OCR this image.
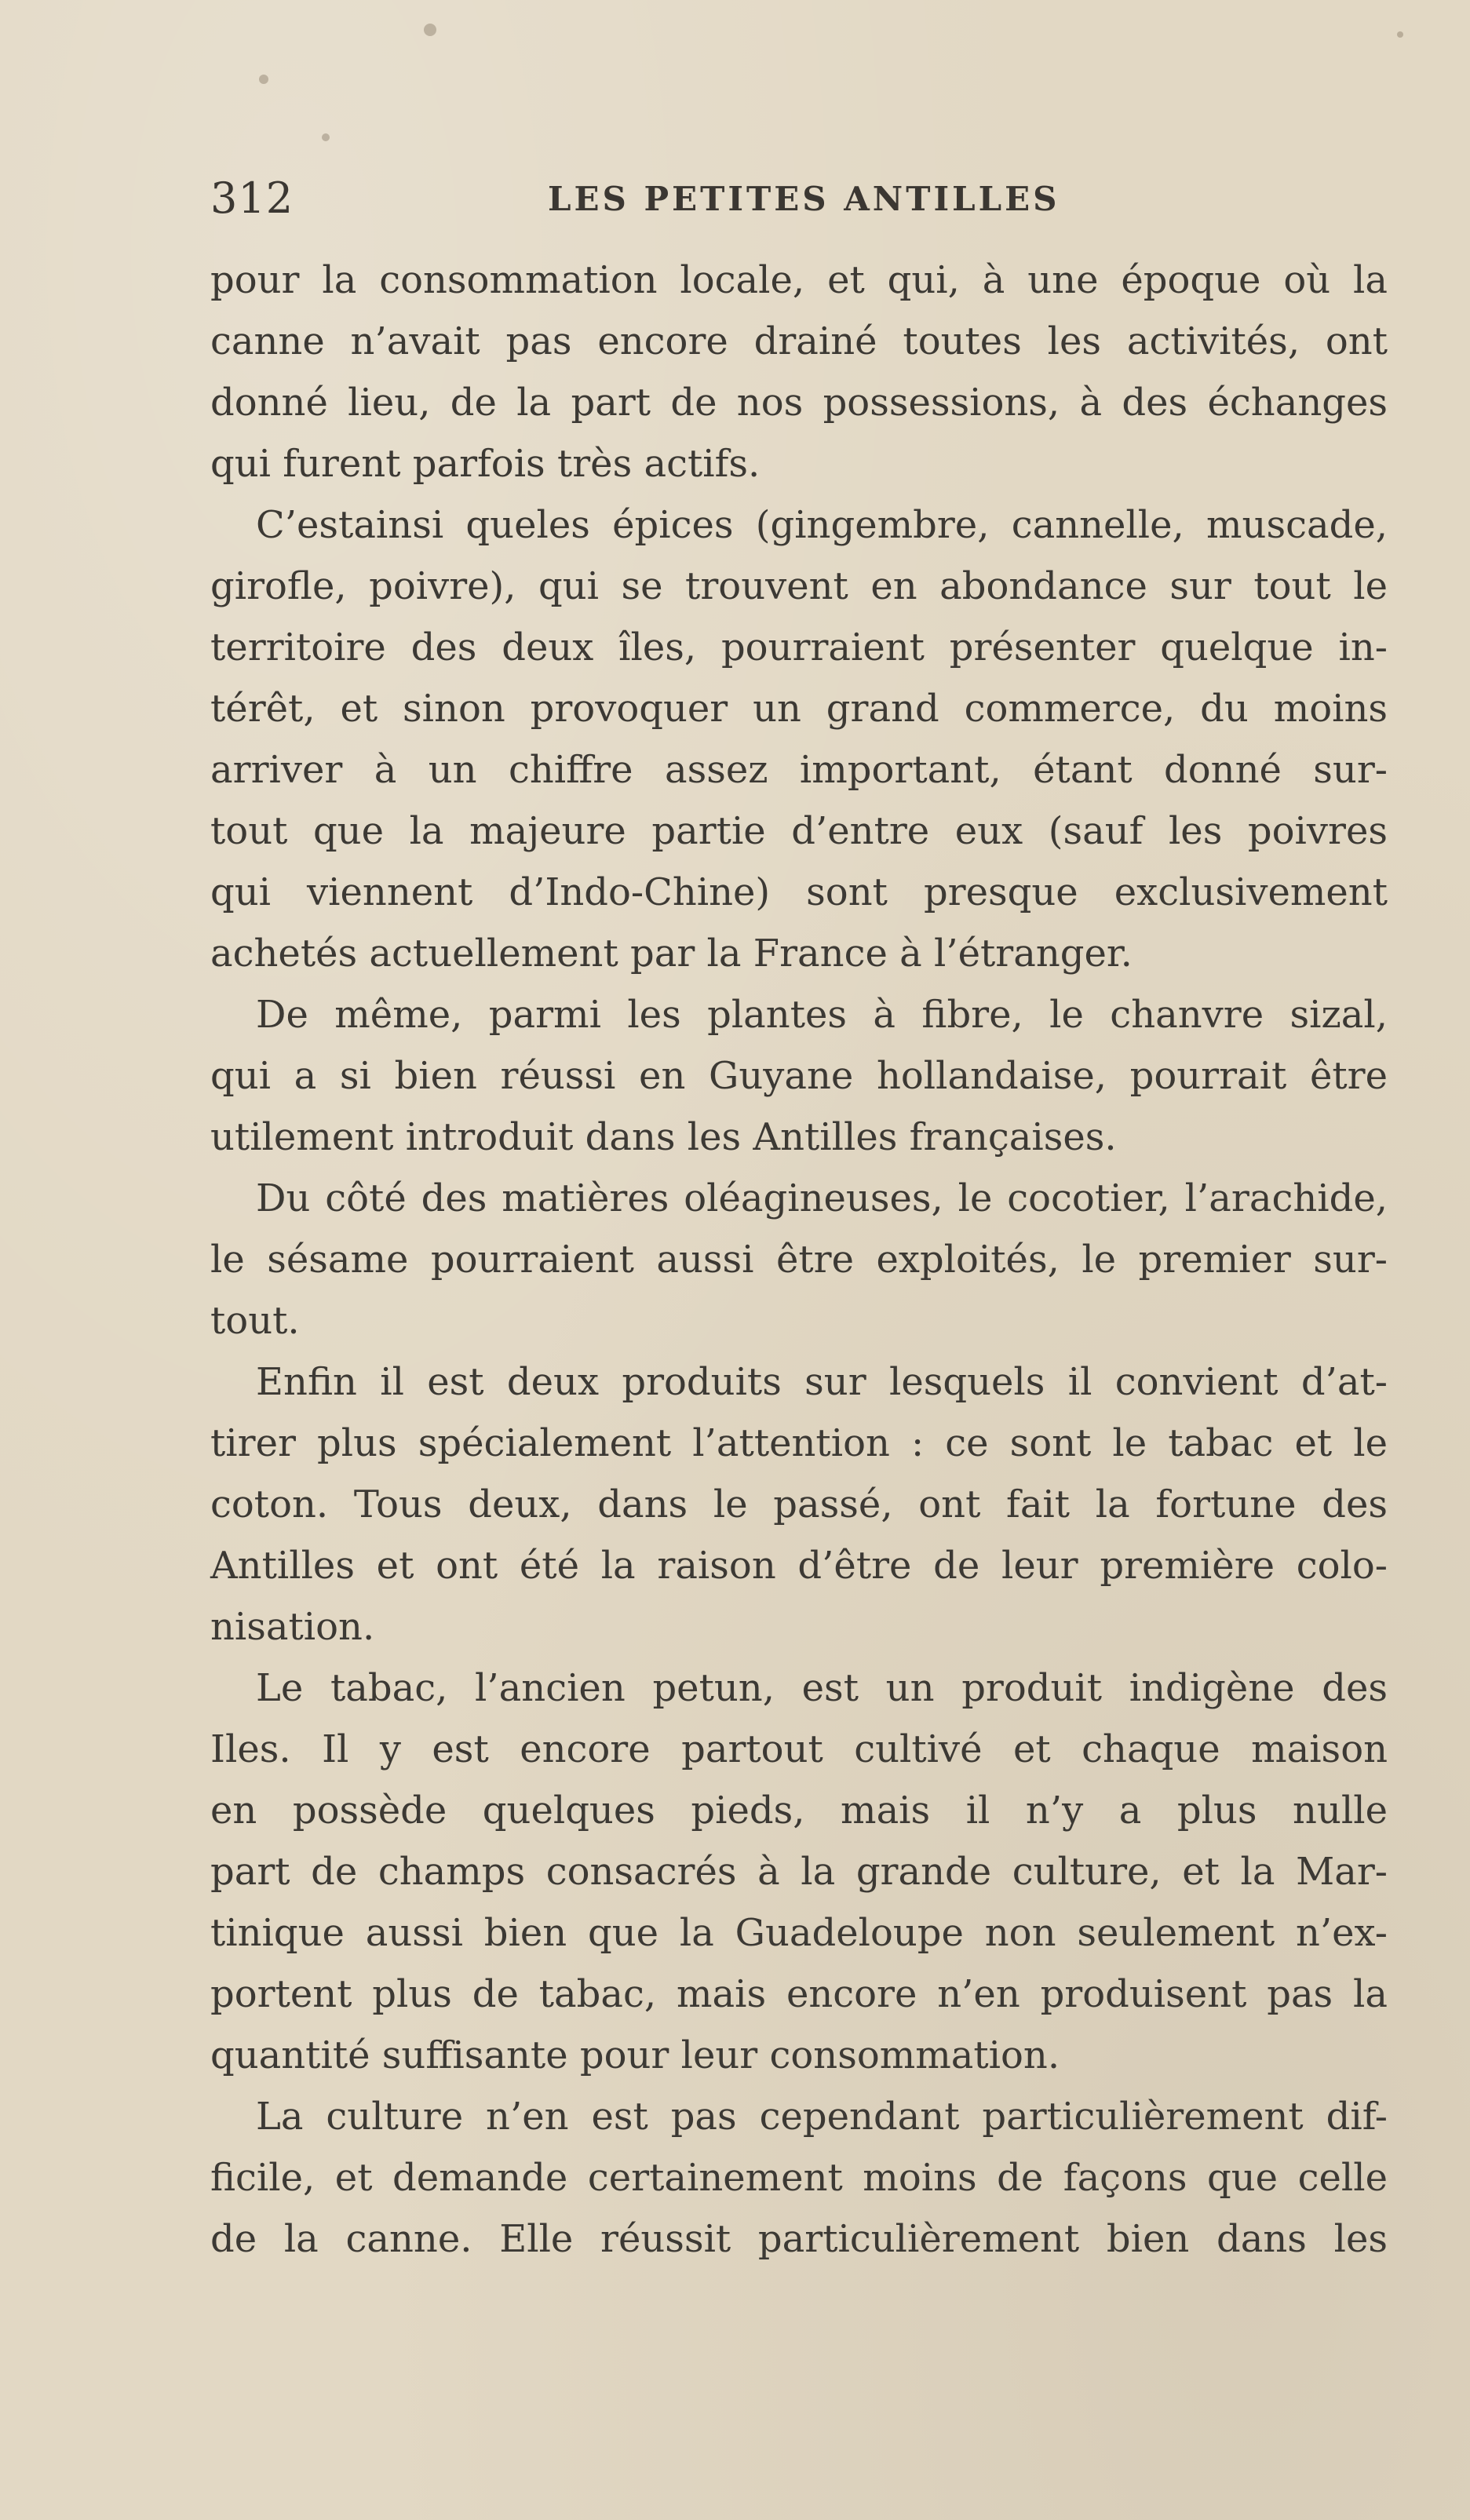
312	LES PETITES ANTILLES
pour la consommation locale, et qui, à une époque où la
canne n’avait pas encore drainé toutes les activités, ont
donné lieu, de la part de nos possessions, à des échanges
qui furent parfois très actifs.
C’estainsi queles épices (gingembre, cannelle, muscade,
girofle, poivre), qui se trouvent en abondance sur tout le
territoire des deux îles, pourraient présenter quelque in-
térêt, et sinon provoquer un grand commerce, du moins
arriver à un chiffre assez important, étant donné sur-
tout que la majeure partie d’entre eux (sauf les poivres
qui viennent d’Indo-Chine) sont presque exclusivement
achetés actuellement par la France à l’étranger.
De même, parmi les plantes à fibre, le chanvre sizal,
qui a si bien réussi en Guyane hollandaise, pourrait être
utilement introduit dans les Antilles françaises.
Du côté des matières oléagineuses, le cocotier, l’arachide,
le sésame pourraient aussi être exploités, le premier sur-
tout.
Enfin il est deux produits sur lesquels il convient d’at-
tirer plus spécialement l’attention : ce sont le tabac et le
coton. Tous deux, dans le passé, ont fait la fortune des
Antilles et ont été la raison d’être de leur première colo-
nisation.
Le tabac, l’ancien petun, est un produit indigène des
Iles. Il y est encore partout cultivé et chaque maison
en possède quelques pieds, mais il n’y a plus nulle
part de champs consacrés à la grande culture, et la Mar-
tinique aussi bien que la Guadeloupe non seulement n’ex-
portent plus de tabac, mais encore n’en produisent pas la
quantité suffisante pour leur consommation.
La culture n’en est pas cependant particulièrement dif-
ficile, et demande certainement moins de façons que celle
de la canne. Elle réussit particulièrement bien dans les
